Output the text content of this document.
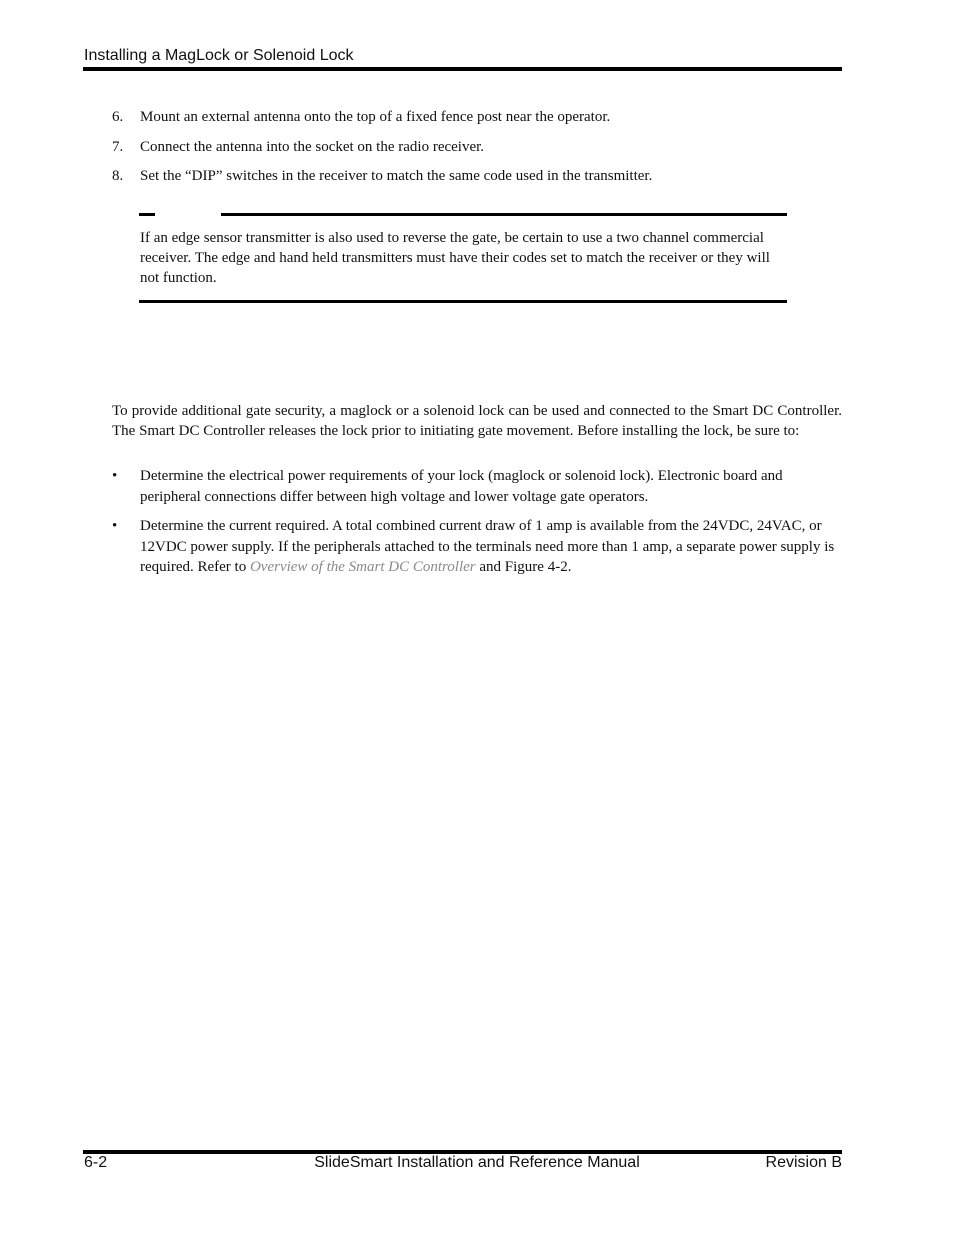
Installing a MagLock or Solenoid Lock
6. Mount an external antenna onto the top of a fixed fence post near the operator.
7. Connect the antenna into the socket on the radio receiver.
8. Set the “DIP” switches in the receiver to match the same code used in the transmitter.
If an edge sensor transmitter is also used to reverse the gate, be certain to use a two channel commercial receiver. The edge and hand held transmitters must have their codes set to match the receiver or they will not function.
To provide additional gate security, a maglock or a solenoid lock can be used and connected to the Smart DC Controller. The Smart DC Controller releases the lock prior to initiating gate movement. Before installing the lock, be sure to:
• Determine the electrical power requirements of your lock (maglock or solenoid lock). Electronic board and peripheral connections differ between high voltage and lower voltage gate operators.
• Determine the current required. A total combined current draw of 1 amp is available from the 24VDC, 24VAC, or 12VDC power supply. If the peripherals attached to the terminals need more than 1 amp, a separate power supply is required. Refer to Overview of the Smart DC Controller and Figure 4-2.
6-2	SlideSmart Installation and Reference Manual	Revision B
